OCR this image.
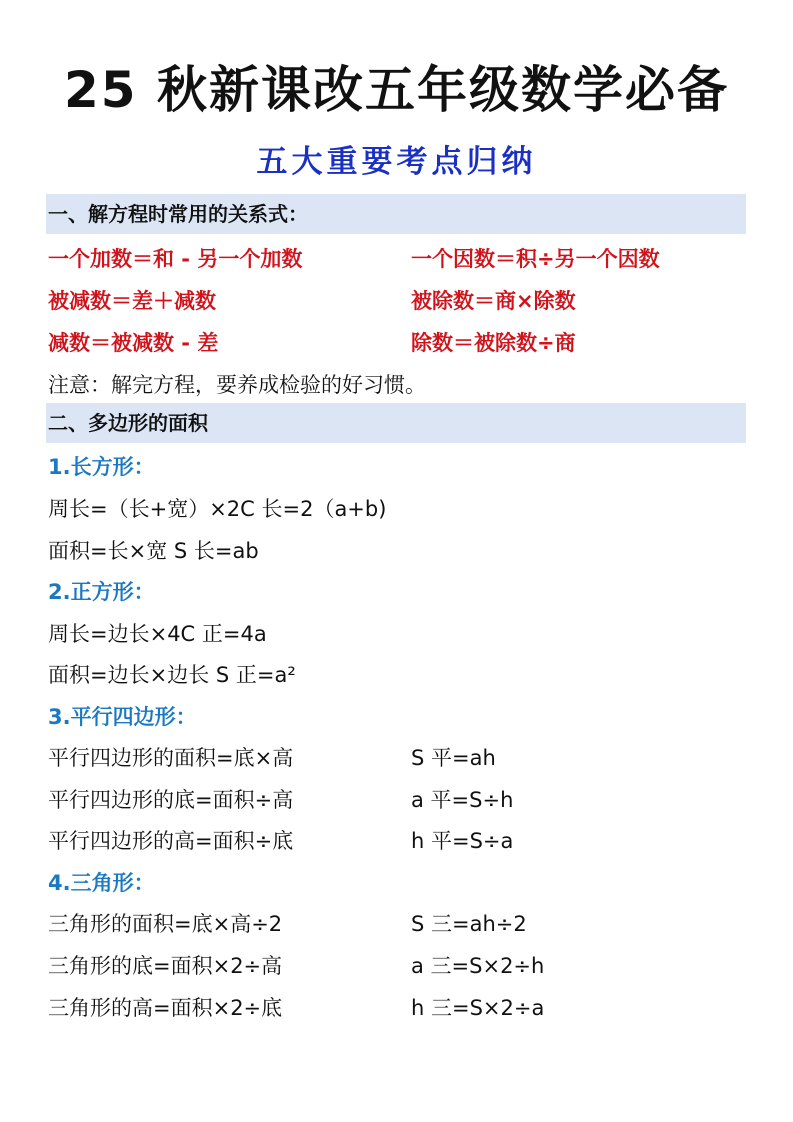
25 秋新课改五年级数学必备
五大重要考点归纳
一、解方程时常用的关系式：
一个加数＝和 - 另一个加数	一个因数＝积÷另一个因数
被减数＝差＋减数	被除数＝商×除数
减数＝被减数 - 差	除数＝被除数÷商
注意：解完方程，要养成检验的好习惯。
二、多边形的面积
1.长方形：
周长=（长+宽）×2C 长=2（a+b)
面积=长×宽 S 长=ab
2.正方形：
周长=边长×4C 正=4a
面积=边长×边长 S 正=a²
3.平行四边形：
平行四边形的面积=底×高	S 平=ah
平行四边形的底=面积÷高	a 平=S÷h
平行四边形的高=面积÷底	h 平=S÷a
4.三角形：
三角形的面积=底×高÷2	S 三=ah÷2
三角形的底=面积×2÷高	a 三=S×2÷h
三角形的高=面积×2÷底	h 三=S×2÷a
